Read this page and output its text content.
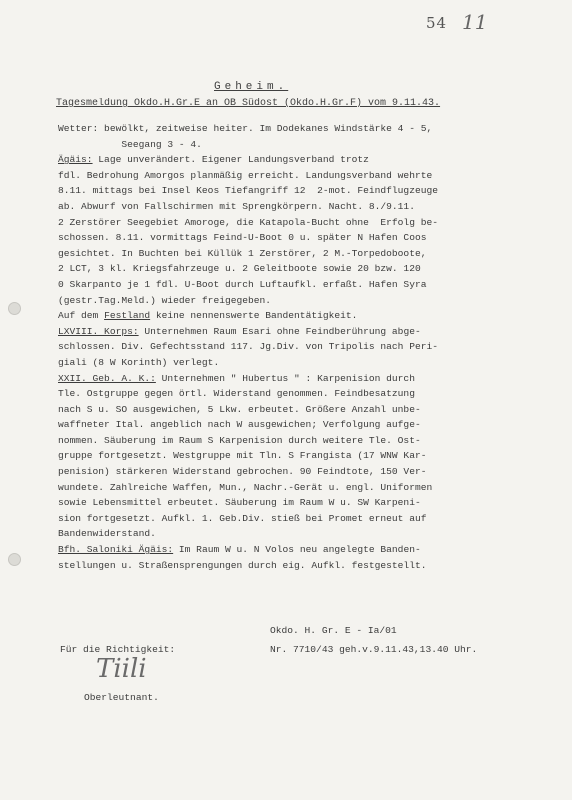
54 11
Geheim.
Tagesmeldung Okdo.H.Gr.E an OB Südost (Okdo.H.Gr.F) vom 9.11.43.
Wetter: bewölkt, zeitweise heiter. Im Dodekanes Windstärke 4 - 5,
Seegang 3 - 4.
Ägäis: Lage unverändert. Eigener Landungsverband trotz
fdl. Bedrohung Amorgos planmäßig erreicht. Landungsverband wehrte
8.11. mittags bei Insel Keos Tiefangriff 12  2-mot. Feindflugzeuge
ab. Abwurf von Fallschirmen mit Sprengkörpern. Nacht. 8./9.11.
2 Zerstörer Seegebiet Amoroge, die Katapola-Bucht ohne  Erfolg be-
schossen. 8.11. vormittags Feind-U-Boot 0 u. später N Hafen Coos
gesichtet. In Buchten bei Küllük 1 Zerstörer, 2 M.-Torpedoboote,
2 LCT, 3 kl. Kriegsfahrzeuge u. 2 Geleitboote sowie 20 bzw. 120
0 Skarpanto je 1 fdl. U-Boot durch Luftaufkl. erfaßt. Hafen Syra
(gestr.Tag.Meld.) wieder freigegeben.
Auf dem Festland keine nennenswerte Bandentätigkeit.
LXVIII. Korps: Unternehmen Raum Esari ohne Feindberührung abge-
schlossen. Div. Gefechtsstand 117. Jg.Div. von Tripolis nach Peri-
giali (8 W Korinth) verlegt.
XXII. Geb. A. K.: Unternehmen " Hubertus " : Karpenision durch
Tle. Ostgruppe gegen örtl. Widerstand genommen. Feindbesatzung
nach S u. SO ausgewichen, 5 Lkw. erbeutet. Größere Anzahl unbe-
waffneter Ital. angeblich nach W ausgewichen; Verfolgung aufge-
nommen. Säuberung im Raum S Karpenision durch weitere Tle. Ost-
gruppe fortgesetzt. Westgruppe mit Tln. S Frangista (17 WNW Kar-
penision) stärkeren Widerstand gebrochen. 90 Feindtote, 150 Ver-
wundete. Zahlreiche Waffen, Mun., Nachr.-Gerät u. engl. Uniformen
sowie Lebensmittel erbeutet. Säuberung im Raum W u. SW Karpeni-
sion fortgesetzt. Aufkl. 1. Geb.Div. stieß bei Promet erneut auf
Bandenwiderstand.
Bfh. Saloniki Ägäis: Im Raum W u. N Volos neu angelegte Banden-
stellungen u. Straßensprengungen durch eig. Aufkl. festgestellt.
Okdo. H. Gr. E - Ia/01
Nr. 7710/43 geh.v.9.11.43,13.40 Uhr.
Für die Richtigkeit:
Tiili
Oberleutnant.
